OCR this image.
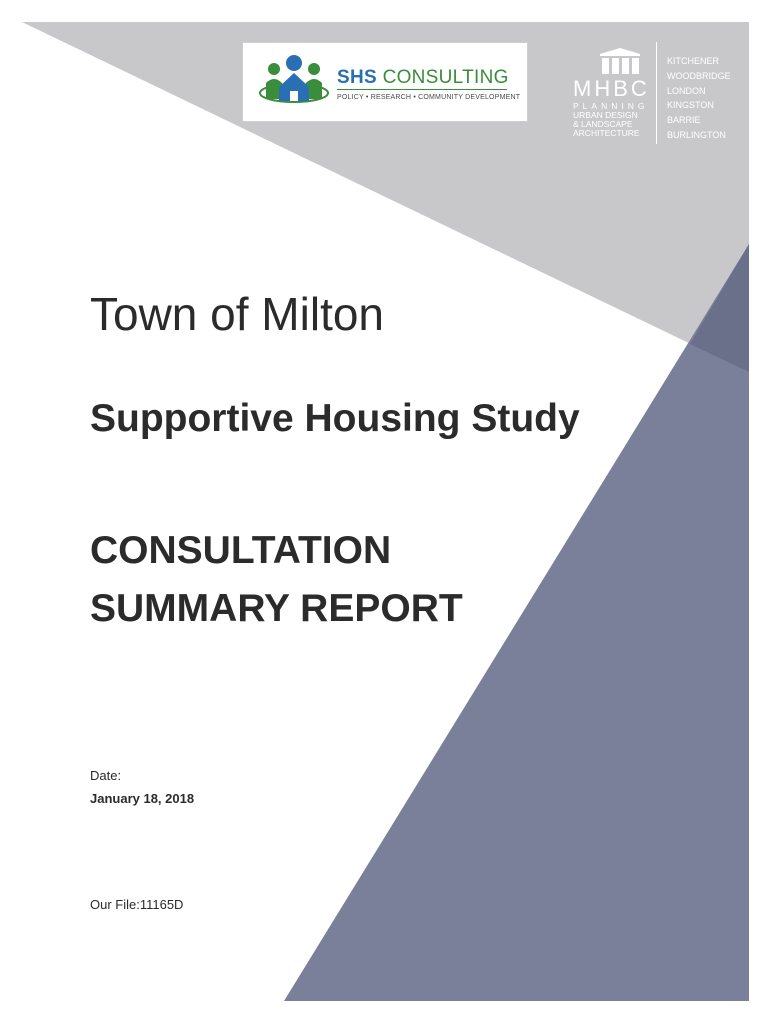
SHS CONSULTING
POLICY • RESEARCH • COMMUNITY DEVELOPMENT MHBC
PLANNING
URBAN DESIGN
& LANDSCAPE
ARCHITECTURE
KITCHENER
WOODBRIDGE
LONDON
KINGSTON
BARRIE
BURLINGTON
Town of Milton
Supportive Housing Study
CONSULTATION
SUMMARY REPORT
Date:
January 18, 2018
Our File:11165D
